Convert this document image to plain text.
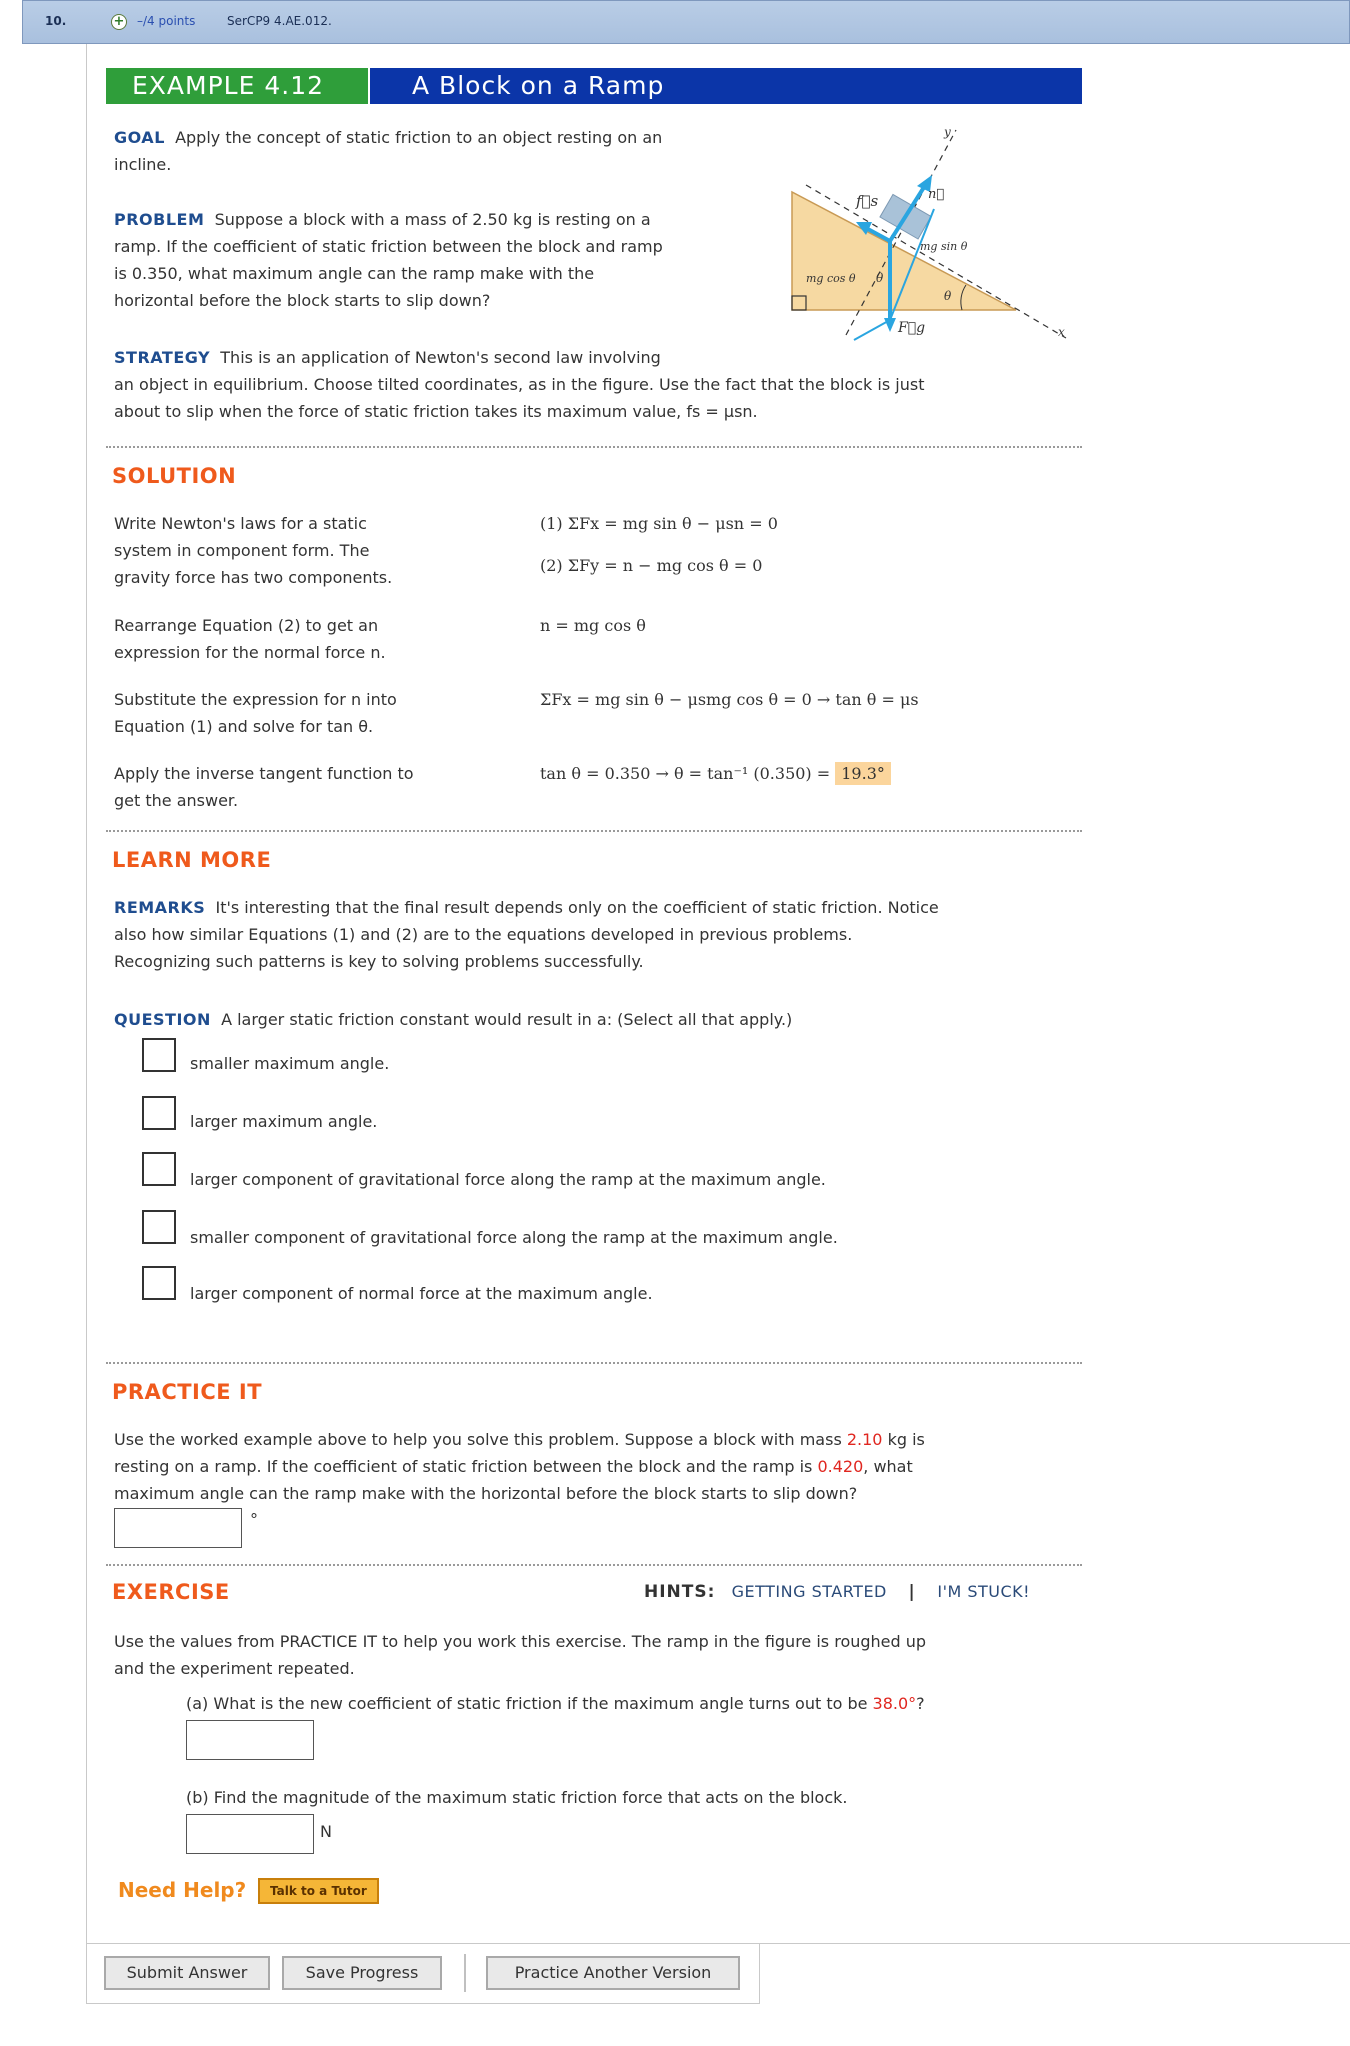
10.	+ –/4 points	SerCP9 4.AE.012.
EXAMPLE 4.12	A Block on a Ramp
GOAL Apply the concept of static friction to an object resting on an
incline.
PROBLEM Suppose a block with a mass of 2.50 kg is resting on a
ramp. If the coefficient of static friction between the block and ramp
is 0.350, what maximum angle can the ramp make with the
horizontal before the block starts to slip down?
f⃗s	n⃗
y
x
mg sin θ
mg cos θ θ
θ
F⃗g
STRATEGY This is an application of Newton's second law involving
an object in equilibrium. Choose tilted coordinates, as in the figure. Use the fact that the block is just
about to slip when the force of static friction takes its maximum value, fs = μsn.
SOLUTION
Write Newton's laws for a static
system in component form. The
gravity force has two components.
(1) ΣFx = mg sin θ − μsn = 0
(2) ΣFy = n − mg cos θ = 0
Rearrange Equation (2) to get an
expression for the normal force n.
n = mg cos θ
Substitute the expression for n into
Equation (1) and solve for tan θ.
ΣFx = mg sin θ − μsmg cos θ = 0 → tan θ = μs
Apply the inverse tangent function to
get the answer.
tan θ = 0.350 → θ = tan⁻¹ (0.350) = 19.3°
LEARN MORE
REMARKS It's interesting that the final result depends only on the coefficient of static friction. Notice
also how similar Equations (1) and (2) are to the equations developed in previous problems.
Recognizing such patterns is key to solving problems successfully.
QUESTION A larger static friction constant would result in a: (Select all that apply.)
smaller maximum angle.
larger maximum angle.
larger component of gravitational force along the ramp at the maximum angle.
smaller component of gravitational force along the ramp at the maximum angle.
larger component of normal force at the maximum angle.
PRACTICE IT
Use the worked example above to help you solve this problem. Suppose a block with mass 2.10 kg is
resting on a ramp. If the coefficient of static friction between the block and the ramp is 0.420, what
maximum angle can the ramp make with the horizontal before the block starts to slip down?
°
EXERCISE	HINTS: GETTING STARTED | I'M STUCK!
Use the values from PRACTICE IT to help you work this exercise. The ramp in the figure is roughed up
and the experiment repeated.
(a) What is the new coefficient of static friction if the maximum angle turns out to be 38.0°?
(b) Find the magnitude of the maximum static friction force that acts on the block.
N
Need Help?	Talk to a Tutor
Submit Answer	Save Progress	Practice Another Version
